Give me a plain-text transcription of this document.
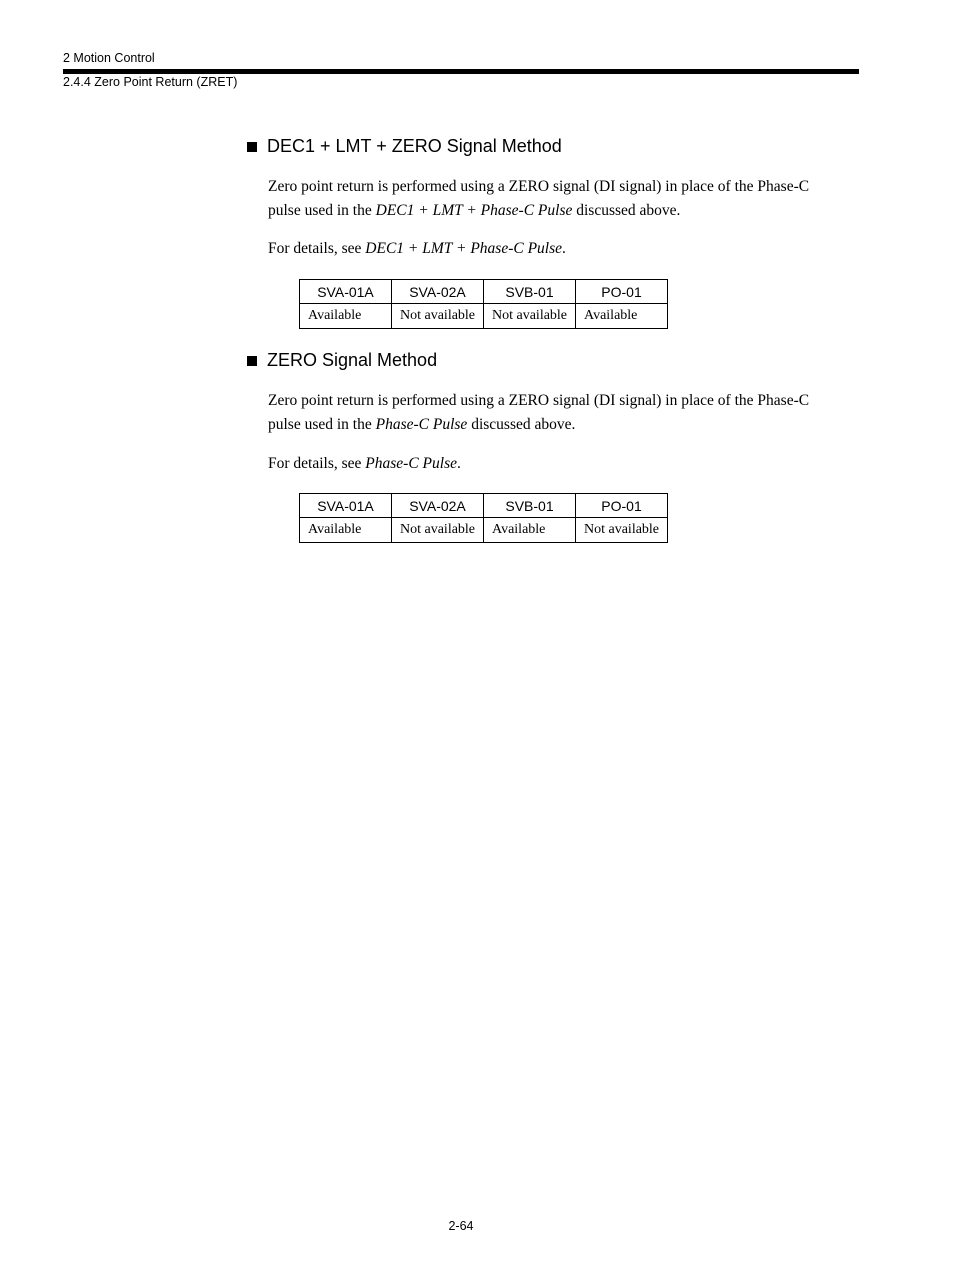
2 Motion Control
2.4.4 Zero Point Return (ZRET)
DEC1 + LMT + ZERO Signal Method

Zero point return is performed using a ZERO signal (DI signal) in place of the Phase-C pulse used in the DEC1 + LMT + Phase-C Pulse discussed above.

For details, see DEC1 + LMT + Phase-C Pulse.

SVA-01A	SVA-02A	SVB-01	PO-01
Available	Not available	Not available	Available
ZERO Signal Method

Zero point return is performed using a ZERO signal (DI signal) in place of the Phase-C pulse used in the Phase-C Pulse discussed above.

For details, see Phase-C Pulse.

SVA-01A	SVA-02A	SVB-01	PO-01
Available	Not available	Available	Not available
2-64
